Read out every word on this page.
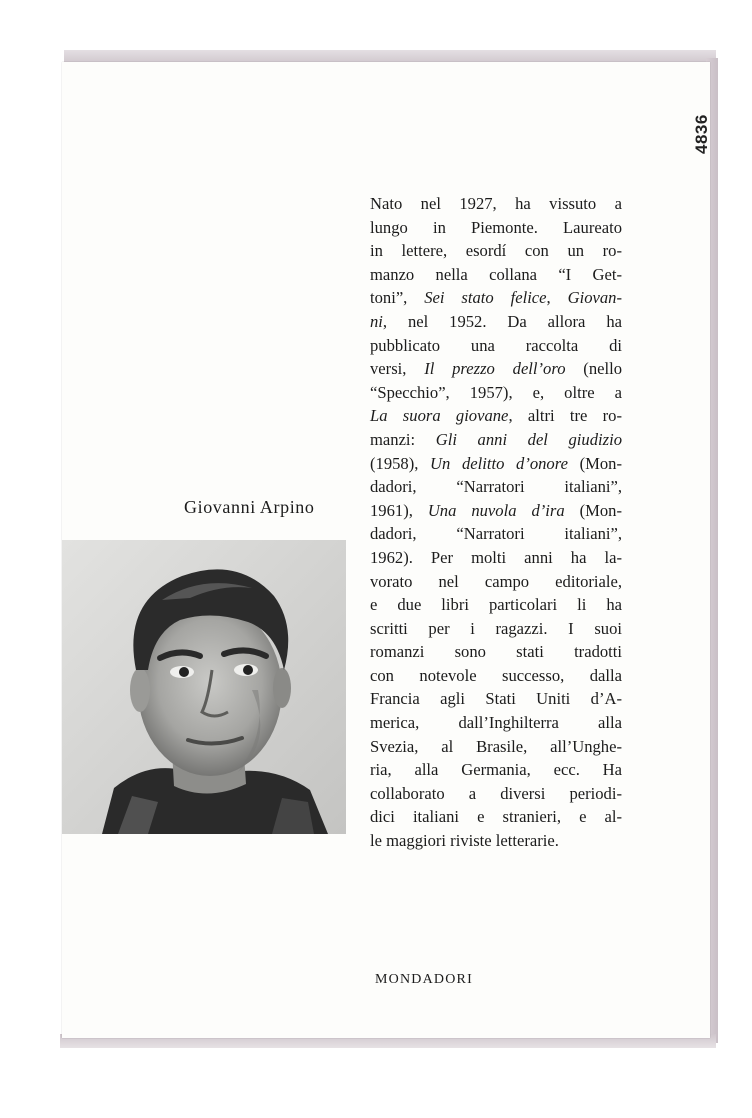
4836
Nato nel 1927, ha vissuto a
lungo in Piemonte. Laureato
in lettere, esordí con un ro-
manzo nella collana “I Get-
toni”, Sei stato felice, Giovan-
ni, nel 1952. Da allora ha
pubblicato una raccolta di
versi, Il prezzo dell’oro (nello
“Specchio”, 1957), e, oltre a
La suora giovane, altri tre ro-
manzi: Gli anni del giudizio
(1958), Un delitto d’onore (Mon-
dadori, “Narratori italiani”,
1961), Una nuvola d’ira (Mon-
dadori, “Narratori italiani”,
1962). Per molti anni ha la-
vorato nel campo editoriale,
e due libri particolari li ha
scritti per i ragazzi. I suoi
romanzi sono stati tradotti
con notevole successo, dalla
Francia agli Stati Uniti d’A-
merica, dall’Inghilterra alla
Svezia, al Brasile, all’Unghe-
ria, alla Germania, ecc. Ha
collaborato a diversi periodi-
dici italiani e stranieri, e al-
le maggiori riviste letterarie.
Giovanni Arpino
MONDADORI
